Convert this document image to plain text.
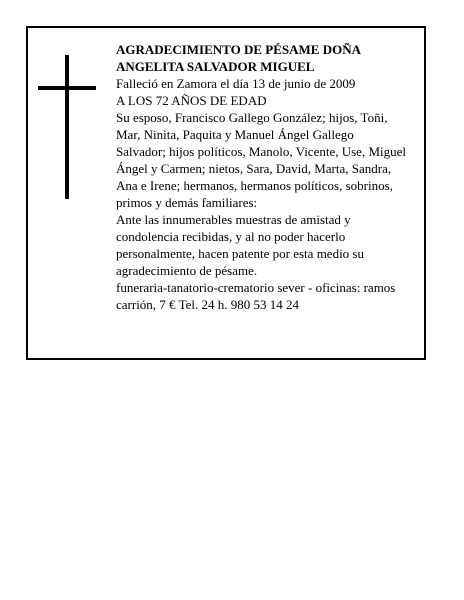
AGRADECIMIENTO DE PÉSAME DOÑA ANGELITA SALVADOR MIGUEL

Falleció en Zamora el día 13 de junio de 2009

A LOS 72 AÑOS DE EDAD

Su esposo, Francisco Gallego González; hijos, Toñi, Mar, Ninita, Paquita y Manuel Ángel Gallego Salvador; hijos políticos, Manolo, Vicente, Use, Miguel Ángel y Carmen; nietos, Sara, David, Marta, Sandra, Ana e Irene; hermanos, hermanos políticos, sobrinos, primos y demás familiares:

Ante las innumerables muestras de amistad y condolencia recibidas, y al no poder hacerlo personalmente, hacen patente por esta medio su agradecimiento de pésame.

funeraria-tanatorio-crematorio sever - oficinas: ramos carrión, 7 € Tel. 24 h. 980 53 14 24
